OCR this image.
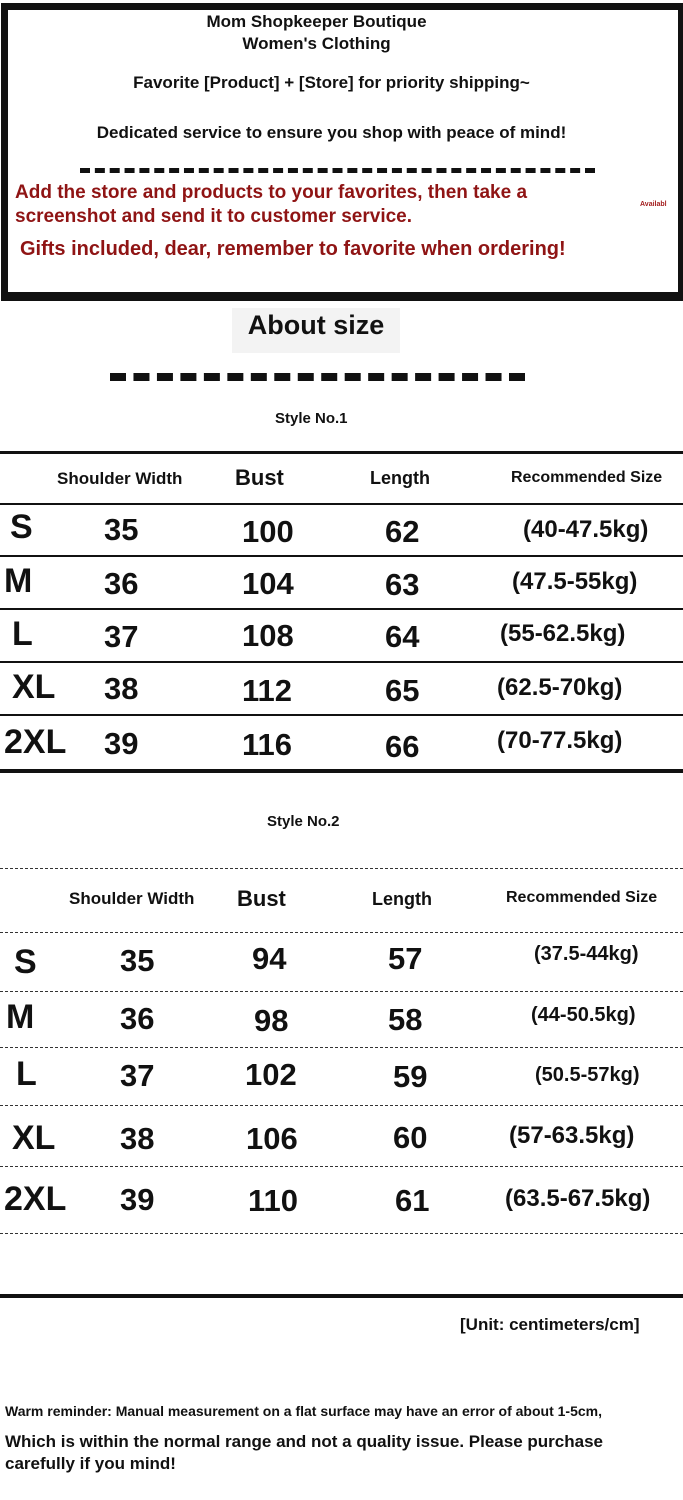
Mom Shopkeeper Boutique
Women's Clothing
Favorite [Product] + [Store] for priority shipping~
Dedicated service to ensure you shop with peace of mind!
Add the store and products to your favorites, then take a
screenshot and send it to customer service.
Gifts included, dear, remember to favorite when ordering!
Availabl
About size
Style No.1
Shoulder Width Bust	Length	Recommended Size
S 35	100	62	(40-47.5kg)
M 36	104	63	(47.5-55kg)
L 37	108	64	(55-62.5kg)
XL 38	112	65	(62.5-70kg)
2XL 39	116	66	(70-77.5kg)
Style No.2
Shoulder Width Bust	Length	Recommended Size
S	35	94	57	(37.5-44kg)
M	36	98	58	(44-50.5kg)
L	37	102	59	(50.5-57kg)
XL 38	106	60	(57-63.5kg)
2XL 39	110	61	(63.5-67.5kg)
[Unit: centimeters/cm]
Warm reminder: Manual measurement on a flat surface may have an error of about 1-5cm,
Which is within the normal range and not a quality issue. Please purchase
carefully if you mind!
